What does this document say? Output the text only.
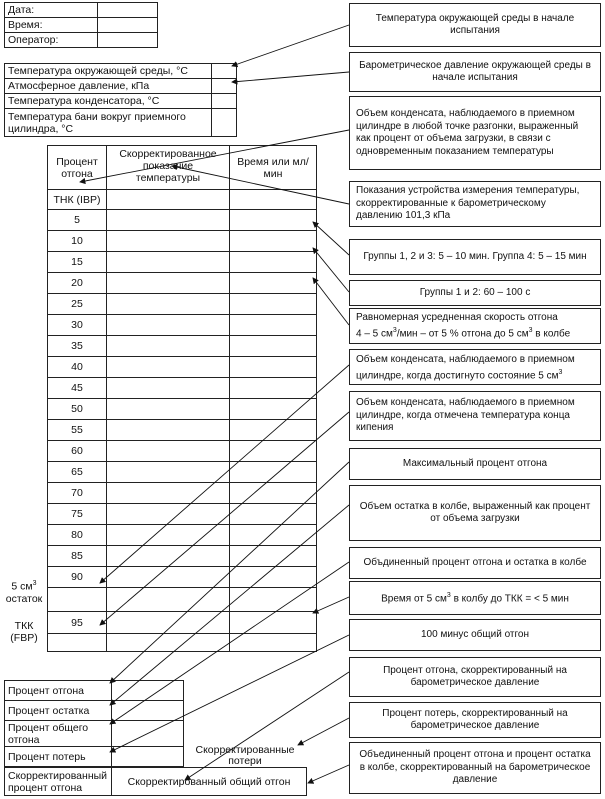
Дата:	
Время:	
Оператор:	
Температура окружающей среды, °С	
Атмосферное давление, кПа	
Температура конденсатора, °С	
Температура бани вокруг приемного цилиндра, °С	
Процент отгона	Скорректированное показание температуры	Время или мл/мин
ТНК (IBP)		
5		
10		
15		
20		
25		
30		
35		
40		
45		
50		
55		
60		
65		
70		
75		
80		
85		
90		

95		

5 $см^3$
остаток
ТКК
(FBP)
Процент отгона	
Процент остатка	
Процент общего отгона	
Процент потерь	
Скорректированные потери
Скорректированный процент отгона	Скорректированный общий отгон
Температура окружающей среды в начале испытания
Барометрическое давление окружающей среды в начале испытания
Объем конденсата, наблюдаемого в приемном цилиндре в любой точке разгонки, выраженный как процент от объема загрузки, в связи с одновременным показанием температуры
Показания устройства измерения температуры, скорректированные к барометрическому давлению 101,3 кПа
Группы 1, 2 и 3: 5 – 10 мин. Группа 4: 5 – 15 мин
Группы 1 и 2: 60 – 100 с
Равномерная усредненная скорость отгона
4 – 5 $см^3$/мин – от 5 % отгона до 5 $см^3$ в колбе
Объем конденсата, наблюдаемого в приемном цилиндре, когда достигнуто состояние 5 $см^3$
Объем конденсата, наблюдаемого в приемном цилиндре, когда отмечена температура конца кипения
Максимальный процент отгона
Объем остатка в колбе, выраженный как процент от объема загрузки
Объдиненный процент отгона и остатка в колбе
Время от 5 $см^3$ в колбу до ТКК = < 5 мин
100 минус общий отгон
Процент отгона, скорректированный на барометрическое давление
Процент потерь, скорректированный на барометрическое давление
Объединенный процент отгона и процент остатка в колбе, скорректированный на барометрическое давление
